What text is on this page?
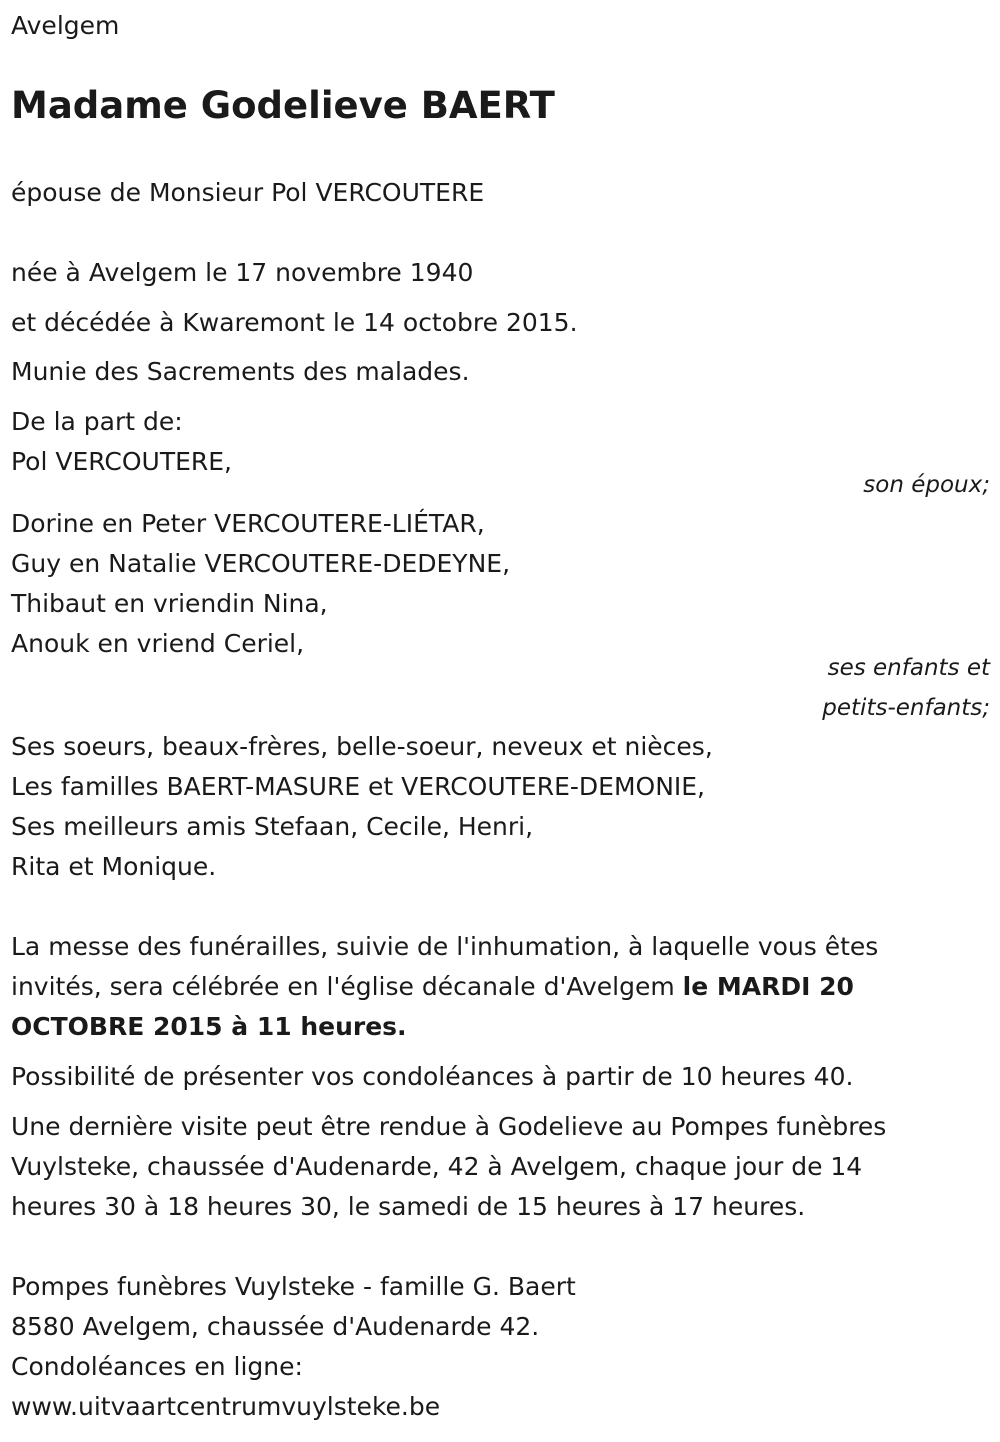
Avelgem

Madame Godelieve BAERT

épouse de Monsieur Pol VERCOUTERE

née à Avelgem le 17 novembre 1940

et décédée à Kwaremont le 14 octobre 2015.

Munie des Sacrements des malades.

De la part de:

Pol VERCOUTERE,

son époux;

Dorine en Peter VERCOUTERE-LIÉTAR,

Guy en Natalie VERCOUTERE-DEDEYNE,

Thibaut en vriendin Nina,

Anouk en vriend Ceriel,

ses enfants et

petits-enfants;

Ses soeurs, beaux-frères, belle-soeur, neveux et nièces,

Les familles BAERT-MASURE et VERCOUTERE-DEMONIE,

Ses meilleurs amis Stefaan, Cecile, Henri,

Rita et Monique.

La messe des funérailles, suivie de l'inhumation, à laquelle vous êtes

invités, sera célébrée en l'église décanale d'Avelgem le MARDI 20

OCTOBRE 2015 à 11 heures.

Possibilité de présenter vos condoléances à partir de 10 heures 40.

Une dernière visite peut être rendue à Godelieve au Pompes funèbres

Vuylsteke, chaussée d'Audenarde, 42 à Avelgem, chaque jour de 14

heures 30 à 18 heures 30, le samedi de 15 heures à 17 heures.

Pompes funèbres Vuylsteke - famille G. Baert

8580 Avelgem, chaussée d'Audenarde 42.

Condoléances en ligne:

www.uitvaartcentrumvuylsteke.be
